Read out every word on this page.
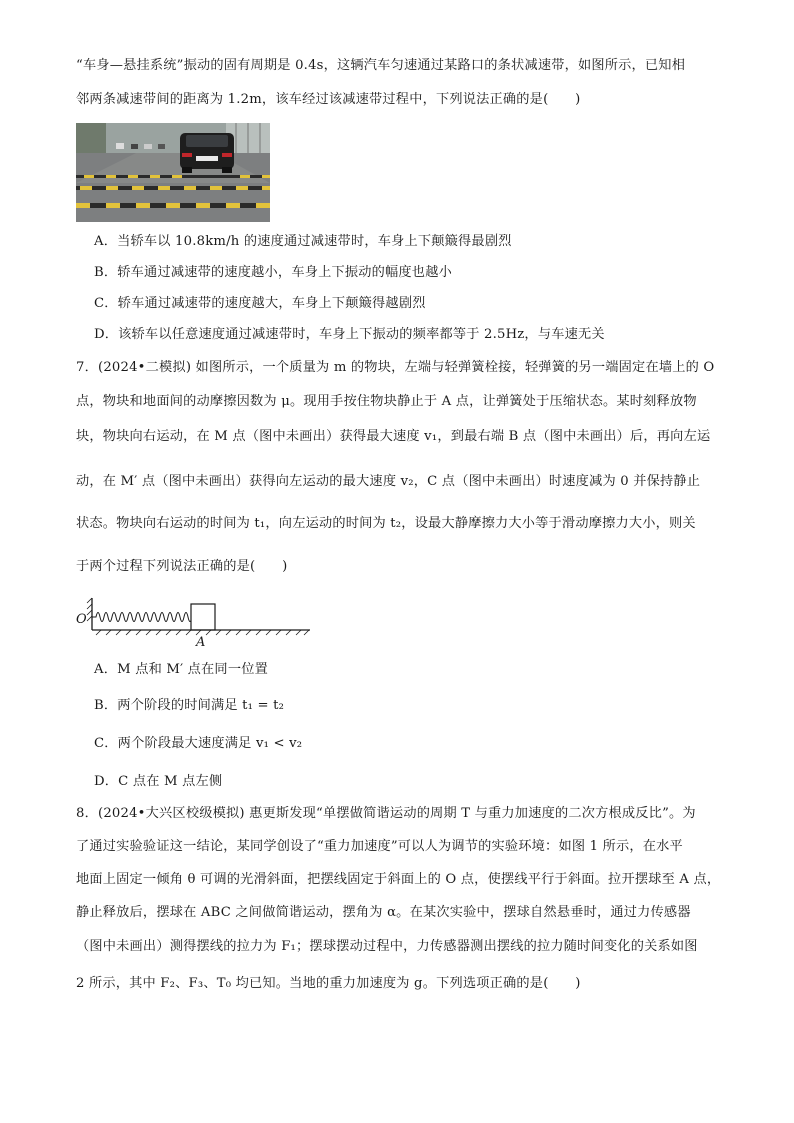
“车身—悬挂系统”振动的固有周期是 0.4s，这辆汽车匀速通过某路口的条状减速带，如图所示，已知相
邻两条减速带间的距离为 1.2m，该车经过该减速带过程中，下列说法正确的是(　　)
A．当轿车以 10.8km/h 的速度通过减速带时，车身上下颠簸得最剧烈
B．轿车通过减速带的速度越小，车身上下振动的幅度也越小
C．轿车通过减速带的速度越大，车身上下颠簸得越剧烈
D．该轿车以任意速度通过减速带时，车身上下振动的频率都等于 2.5Hz，与车速无关
7．(2024•二模拟) 如图所示，一个质量为 m 的物块，左端与轻弹簧栓接，轻弹簧的另一端固定在墙上的 O
点，物块和地面间的动摩擦因数为 μ。现用手按住物块静止于 A 点，让弹簧处于压缩状态。某时刻释放物
块，物块向右运动，在 M 点（图中未画出）获得最大速度 v₁，到最右端 B 点（图中未画出）后，再向左运
动，在 M′ 点（图中未画出）获得向左运动的最大速度 v₂，C 点（图中未画出）时速度减为 0 并保持静止
状态。物块向右运动的时间为 t₁，向左运动的时间为 t₂，设最大静摩擦力大小等于滑动摩擦力大小，则关
于两个过程下列说法正确的是(　　)
O
A
A．M 点和 M′ 点在同一位置
B．两个阶段的时间满足 t₁ = t₂
C．两个阶段最大速度满足 v₁ < v₂
D．C 点在 M 点左侧
8．(2024•大兴区校级模拟) 惠更斯发现“单摆做简谐运动的周期 T 与重力加速度的二次方根成反比”。为
了通过实验验证这一结论，某同学创设了“重力加速度”可以人为调节的实验环境：如图 1 所示，在水平
地面上固定一倾角 θ 可调的光滑斜面，把摆线固定于斜面上的 O 点，使摆线平行于斜面。拉开摆球至 A 点，
静止释放后，摆球在 ABC 之间做简谐运动，摆角为 α。在某次实验中，摆球自然悬垂时，通过力传感器
（图中未画出）测得摆线的拉力为 F₁；摆球摆动过程中，力传感器测出摆线的拉力随时间变化的关系如图
2 所示，其中 F₂、F₃、T₀ 均已知。当地的重力加速度为 g。下列选项正确的是(　　)
